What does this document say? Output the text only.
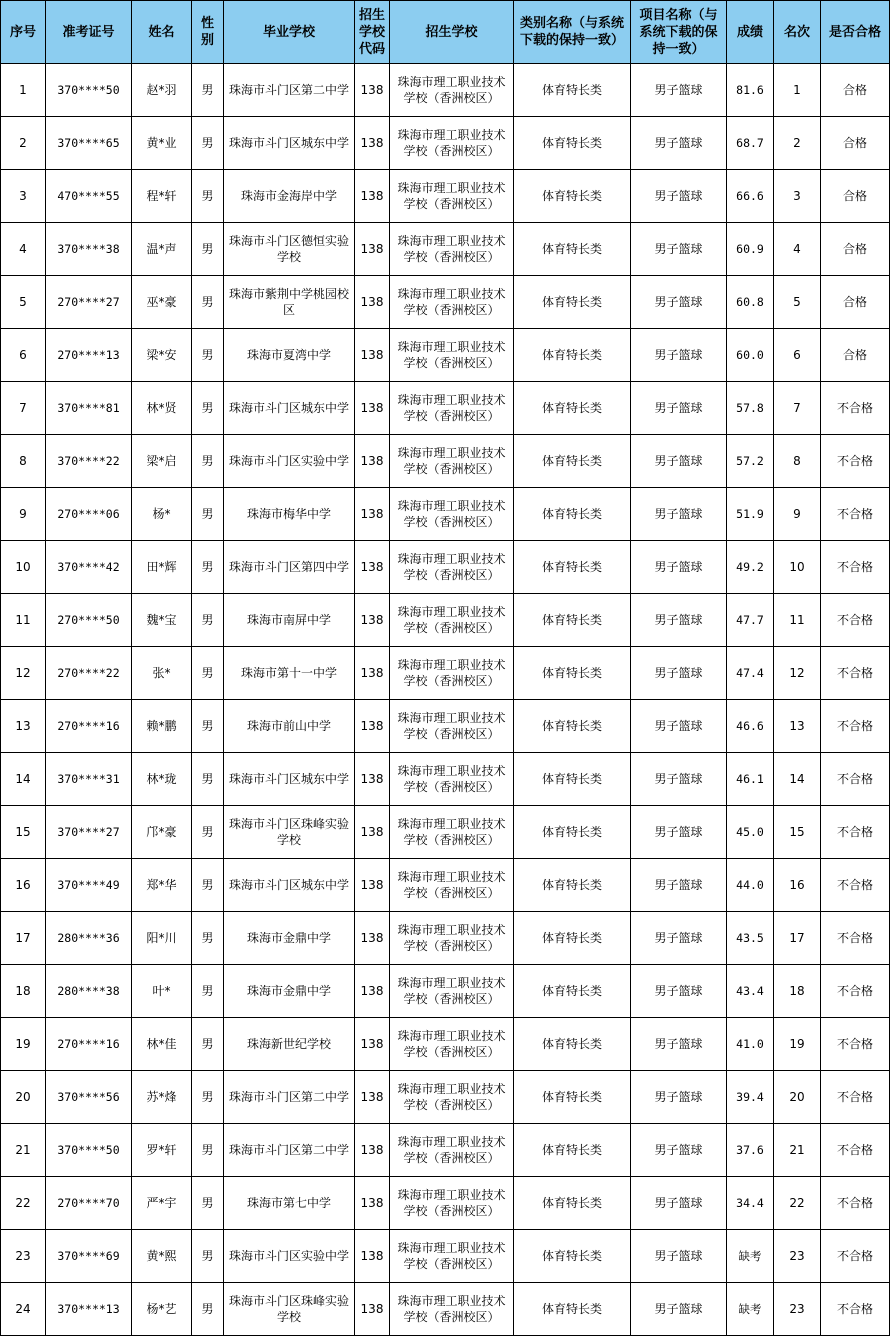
序号	准考证号	姓名	性别	毕业学校	招生学校代码	招生学校	类别名称（与系统下载的保持一致）	项目名称（与系统下载的保持一致）	成绩	名次	是否合格
1	370****50	赵*羽	男	珠海市斗门区第二中学	138	珠海市理工职业技术学校（香洲校区）	体育特长类	男子篮球	81.6	1	合格
2	370****65	黄*业	男	珠海市斗门区城东中学	138	珠海市理工职业技术学校（香洲校区）	体育特长类	男子篮球	68.7	2	合格
3	470****55	程*轩	男	珠海市金海岸中学	138	珠海市理工职业技术学校（香洲校区）	体育特长类	男子篮球	66.6	3	合格
4	370****38	温*声	男	珠海市斗门区德恒实验学校	138	珠海市理工职业技术学校（香洲校区）	体育特长类	男子篮球	60.9	4	合格
5	270****27	巫*豪	男	珠海市紫荆中学桃园校区	138	珠海市理工职业技术学校（香洲校区）	体育特长类	男子篮球	60.8	5	合格
6	270****13	梁*安	男	珠海市夏湾中学	138	珠海市理工职业技术学校（香洲校区）	体育特长类	男子篮球	60.0	6	合格
7	370****81	林*贤	男	珠海市斗门区城东中学	138	珠海市理工职业技术学校（香洲校区）	体育特长类	男子篮球	57.8	7	不合格
8	370****22	梁*启	男	珠海市斗门区实验中学	138	珠海市理工职业技术学校（香洲校区）	体育特长类	男子篮球	57.2	8	不合格
9	270****06	杨*	男	珠海市梅华中学	138	珠海市理工职业技术学校（香洲校区）	体育特长类	男子篮球	51.9	9	不合格
10	370****42	田*辉	男	珠海市斗门区第四中学	138	珠海市理工职业技术学校（香洲校区）	体育特长类	男子篮球	49.2	10	不合格
11	270****50	魏*宝	男	珠海市南屏中学	138	珠海市理工职业技术学校（香洲校区）	体育特长类	男子篮球	47.7	11	不合格
12	270****22	张*	男	珠海市第十一中学	138	珠海市理工职业技术学校（香洲校区）	体育特长类	男子篮球	47.4	12	不合格
13	270****16	赖*鹏	男	珠海市前山中学	138	珠海市理工职业技术学校（香洲校区）	体育特长类	男子篮球	46.6	13	不合格
14	370****31	林*珑	男	珠海市斗门区城东中学	138	珠海市理工职业技术学校（香洲校区）	体育特长类	男子篮球	46.1	14	不合格
15	370****27	邝*豪	男	珠海市斗门区珠峰实验学校	138	珠海市理工职业技术学校（香洲校区）	体育特长类	男子篮球	45.0	15	不合格
16	370****49	郑*华	男	珠海市斗门区城东中学	138	珠海市理工职业技术学校（香洲校区）	体育特长类	男子篮球	44.0	16	不合格
17	280****36	阳*川	男	珠海市金鼎中学	138	珠海市理工职业技术学校（香洲校区）	体育特长类	男子篮球	43.5	17	不合格
18	280****38	叶*	男	珠海市金鼎中学	138	珠海市理工职业技术学校（香洲校区）	体育特长类	男子篮球	43.4	18	不合格
19	270****16	林*佳	男	珠海新世纪学校	138	珠海市理工职业技术学校（香洲校区）	体育特长类	男子篮球	41.0	19	不合格
20	370****56	苏*烽	男	珠海市斗门区第二中学	138	珠海市理工职业技术学校（香洲校区）	体育特长类	男子篮球	39.4	20	不合格
21	370****50	罗*轩	男	珠海市斗门区第二中学	138	珠海市理工职业技术学校（香洲校区）	体育特长类	男子篮球	37.6	21	不合格
22	270****70	严*宇	男	珠海市第七中学	138	珠海市理工职业技术学校（香洲校区）	体育特长类	男子篮球	34.4	22	不合格
23	370****69	黄*熙	男	珠海市斗门区实验中学	138	珠海市理工职业技术学校（香洲校区）	体育特长类	男子篮球	缺考	23	不合格
24	370****13	杨*艺	男	珠海市斗门区珠峰实验学校	138	珠海市理工职业技术学校（香洲校区）	体育特长类	男子篮球	缺考	23	不合格
